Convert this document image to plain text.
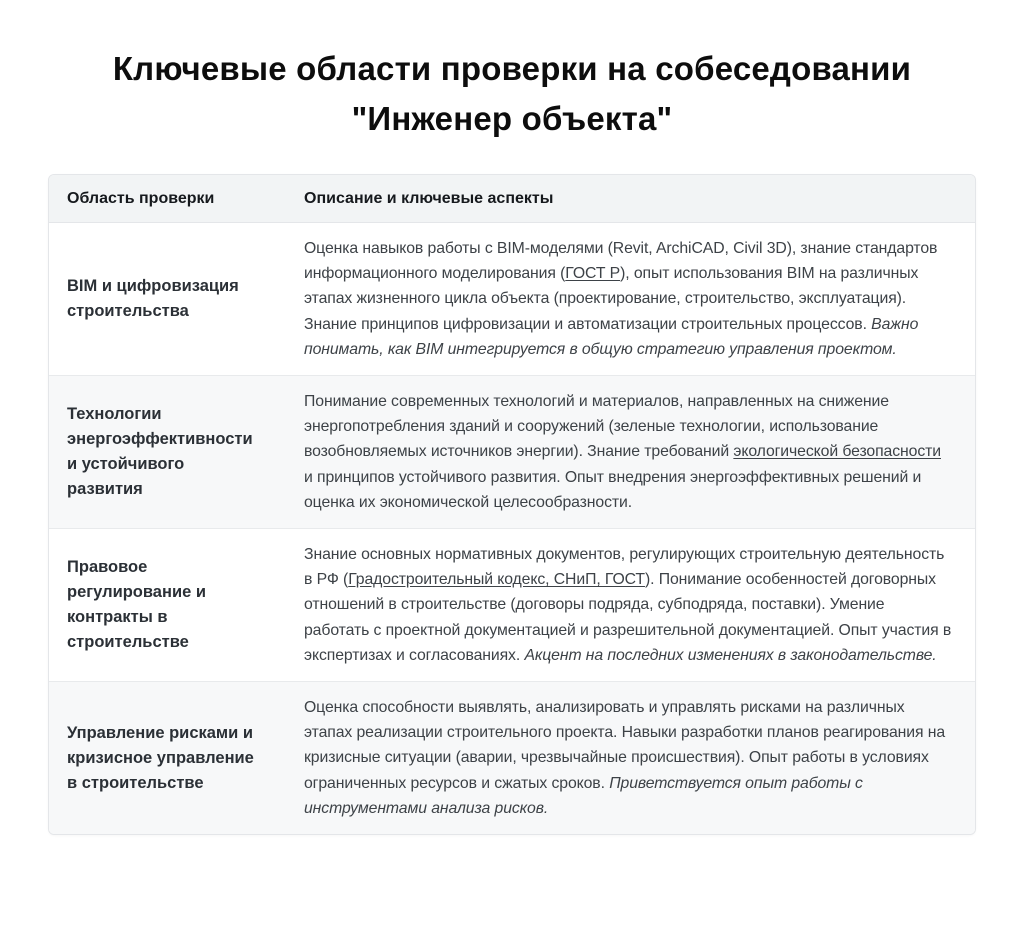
Ключевые области проверки на собеседовании
"Инженер объекта"
Область проверки	Описание и ключевые аспекты
BIM и цифровизация строительства	Оценка навыков работы с BIM-моделями (Revit, ArchiCAD, Civil 3D), знание стандартов информационного моделирования (ГОСТ Р), опыт использования BIM на различных этапах жизненного цикла объекта (проектирование, строительство, эксплуатация). Знание принципов цифровизации и автоматизации строительных процессов. Важно понимать, как BIM интегрируется в общую стратегию управления проектом.
Технологии энергоэффективности и устойчивого развития	Понимание современных технологий и материалов, направленных на снижение энергопотребления зданий и сооружений (зеленые технологии, использование возобновляемых источников энергии). Знание требований экологической безопасности и принципов устойчивого развития. Опыт внедрения энергоэффективных решений и оценка их экономической целесообразности.
Правовое регулирование и контракты в строительстве	Знание основных нормативных документов, регулирующих строительную деятельность в РФ (Градостроительный кодекс, СНиП, ГОСТ). Понимание особенностей договорных отношений в строительстве (договоры подряда, субподряда, поставки). Умение работать с проектной документацией и разрешительной документацией. Опыт участия в экспертизах и согласованиях. Акцент на последних изменениях в законодательстве.
Управление рисками и кризисное управление в строительстве	Оценка способности выявлять, анализировать и управлять рисками на различных этапах реализации строительного проекта. Навыки разработки планов реагирования на кризисные ситуации (аварии, чрезвычайные происшествия). Опыт работы в условиях ограниченных ресурсов и сжатых сроков. Приветствуется опыт работы с инструментами анализа рисков.
